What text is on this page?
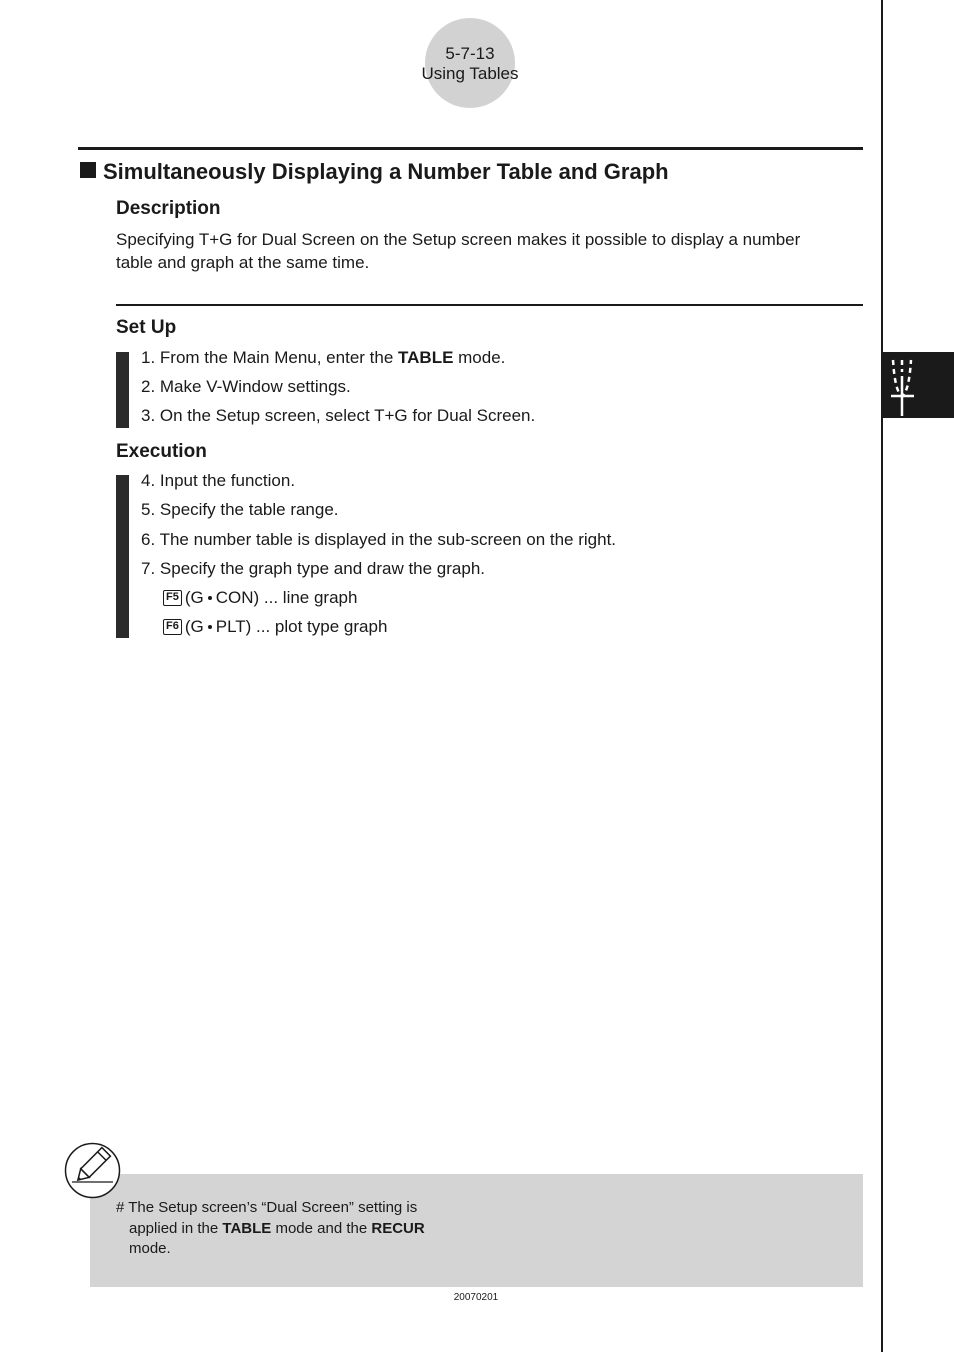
5-7-13
Using Tables
Simultaneously Displaying a Number Table and Graph
Description
Specifying T+G for Dual Screen on the Setup screen makes it possible to display a number
table and graph at the same time.
Set Up
1. From the Main Menu, enter the TABLE mode.
2. Make V-Window settings.
3. On the Setup screen, select T+G for Dual Screen.
Execution
4. Input the function.
5. Specify the table range.
6. The number table is displayed in the sub-screen on the right.
7. Specify the graph type and draw the graph.
F5 (G CON) ... line graph
F6 (G PLT) ... plot type graph
# The Setup screen’s “Dual Screen” setting is
applied in the TABLE mode and the RECUR
mode.
20070201
